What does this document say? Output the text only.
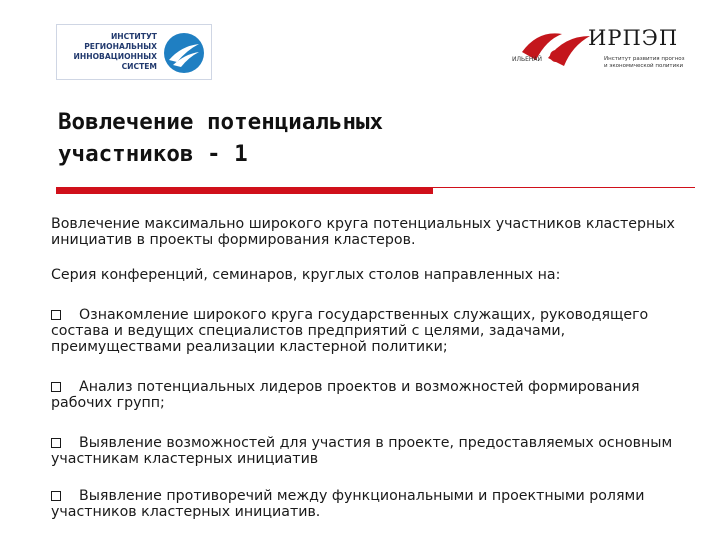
ИНСТИТУТ
РЕГИОНАЛЬНЫХ
ИННОВАЦИОННЫХ
СИСТЕМ
ИРПЭП
ИЛЬЕНАЙ	Институт развития прогноз
и экономической политики
Вовлечение потенциальных
участников - 1

Вовлечение максимально широкого круга потенциальных участников кластерных инициатив в проекты формирования кластеров.

Серия конференций, семинаров, круглых столов направленных на:

Ознакомление широкого круга государственных служащих, руководящего состава и ведущих специалистов предприятий с целями, задачами, преимуществами реализации кластерной политики;

Анализ потенциальных лидеров проектов и возможностей формирования рабочих групп;

Выявление возможностей для участия в проекте, предоставляемых основным участникам кластерных инициатив

Выявление противоречий между функциональными и проектными ролями участников кластерных инициатив.
